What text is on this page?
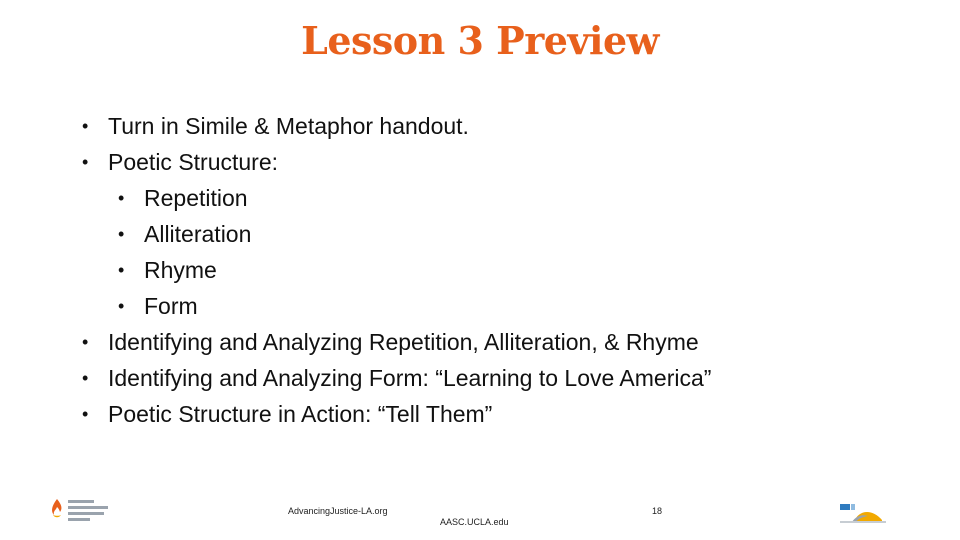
Lesson 3 Preview
• Turn in Simile & Metaphor handout.
• Poetic Structure:
• Repetition
• Alliteration
• Rhyme
• Form
• Identifying and Analyzing Repetition, Alliteration, & Rhyme
• Identifying and Analyzing Form: “Learning to Love America”
• Poetic Structure in Action: “Tell Them”
AdvancingJustice-LA.org
AASC.UCLA.edu
18
